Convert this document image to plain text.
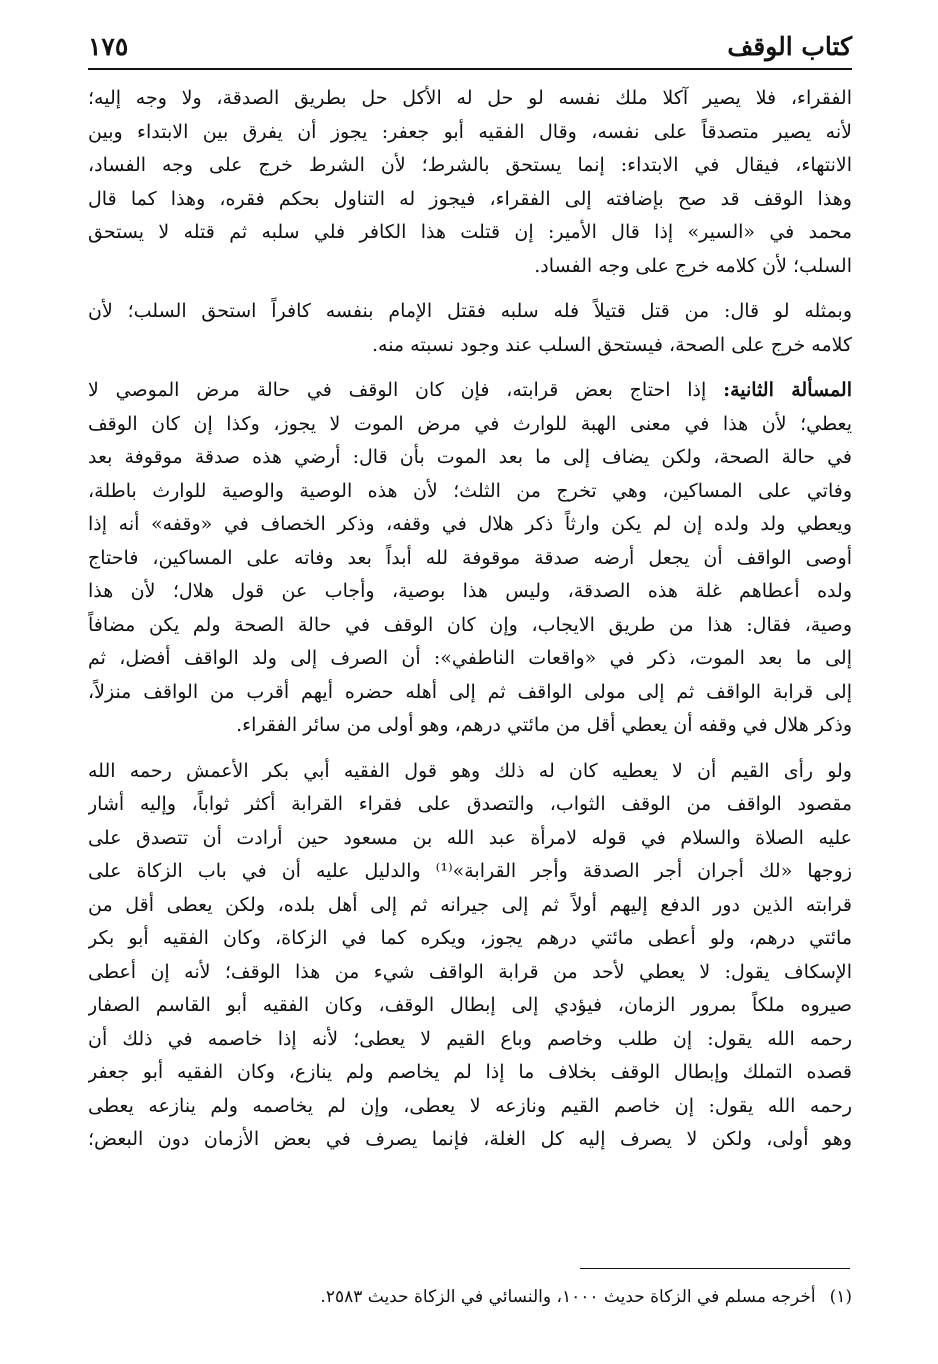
كتاب الوقف
١٧٥

الفقراء، فلا يصير آكلا ملك نفسه لو حل له الأكل حل بطريق الصدقة، ولا وجه إليه؛
لأنه يصير متصدقاً على نفسه، وقال الفقيه أبو جعفر: يجوز أن يفرق بين الابتداء وبين
الانتهاء، فيقال في الابتداء: إنما يستحق بالشرط؛ لأن الشرط خرج على وجه الفساد،
وهذا الوقف قد صح بإضافته إلى الفقراء، فيجوز له التناول بحكم فقره، وهذا كما قال
محمد في «السير» إذا قال الأمير: إن قتلت هذا الكافر فلي سلبه ثم قتله لا يستحق
السلب؛ لأن كلامه خرج على وجه الفساد.

وبمثله لو قال: من قتل قتيلاً فله سلبه فقتل الإمام بنفسه كافراً استحق السلب؛ لأن
كلامه خرج على الصحة، فيستحق السلب عند وجود نسبته منه.

المسألة الثانية: إذا احتاج بعض قرابته، فإن كان الوقف في حالة مرض الموصي لا
يعطي؛ لأن هذا في معنى الهبة للوارث في مرض الموت لا يجوز، وكذا إن كان الوقف
في حالة الصحة، ولكن يضاف إلى ما بعد الموت بأن قال: أرضي هذه صدقة موقوفة بعد
وفاتي على المساكين، وهي تخرج من الثلث؛ لأن هذه الوصية والوصية للوارث باطلة،
ويعطي ولد ولده إن لم يكن وارثاً ذكر هلال في وقفه، وذكر الخصاف في «وقفه» أنه إذا
أوصى الواقف أن يجعل أرضه صدقة موقوفة لله أبداً بعد وفاته على المساكين، فاحتاج
ولده أعطاهم غلة هذه الصدقة، وليس هذا بوصية، وأجاب عن قول هلال؛ لأن هذا
وصية، فقال: هذا من طريق الايجاب، وإن كان الوقف في حالة الصحة ولم يكن مضافاً
إلى ما بعد الموت، ذكر في «واقعات الناطفي»: أن الصرف إلى ولد الواقف أفضل، ثم
إلى قرابة الواقف ثم إلى مولى الواقف ثم إلى أهله حضره أيهم أقرب من الواقف منزلاً،
وذكر هلال في وقفه أن يعطي أقل من مائتي درهم، وهو أولى من سائر الفقراء.

ولو رأى القيم أن لا يعطيه كان له ذلك وهو قول الفقيه أبي بكر الأعمش رحمه الله
مقصود الواقف من الوقف الثواب، والتصدق على فقراء القرابة أكثر ثواباً، وإليه أشار
عليه الصلاة والسلام في قوله لامرأة عبد الله بن مسعود حين أرادت أن تتصدق على
زوجها «لك أجران أجر الصدقة وأجر القرابة»⁽¹⁾ والدليل عليه أن في باب الزكاة على
قرابته الذين دور الدفع إليهم أولاً ثم إلى جيرانه ثم إلى أهل بلده، ولكن يعطى أقل من
مائتي درهم، ولو أعطى مائتي درهم يجوز، ويكره كما في الزكاة، وكان الفقيه أبو بكر
الإسكاف يقول: لا يعطي لأحد من قرابة الواقف شيء من هذا الوقف؛ لأنه إن أعطى
صيروه ملكاً بمرور الزمان، فيؤدي إلى إبطال الوقف، وكان الفقيه أبو القاسم الصفار
رحمه الله يقول: إن طلب وخاصم وباع القيم لا يعطى؛ لأنه إذا خاصمه في ذلك أن
قصده التملك وإبطال الوقف بخلاف ما إذا لم يخاصم ولم ينازع، وكان الفقيه أبو جعفر
رحمه الله يقول: إن خاصم القيم ونازعه لا يعطى، وإن لم يخاصمه ولم ينازعه يعطى
وهو أولى، ولكن لا يصرف إليه كل الغلة، فإنما يصرف في بعض الأزمان دون البعض؛

(١)أخرجه مسلم في الزكاة حديث ١٠٠٠، والنسائي في الزكاة حديث ٢٥٨٣.
